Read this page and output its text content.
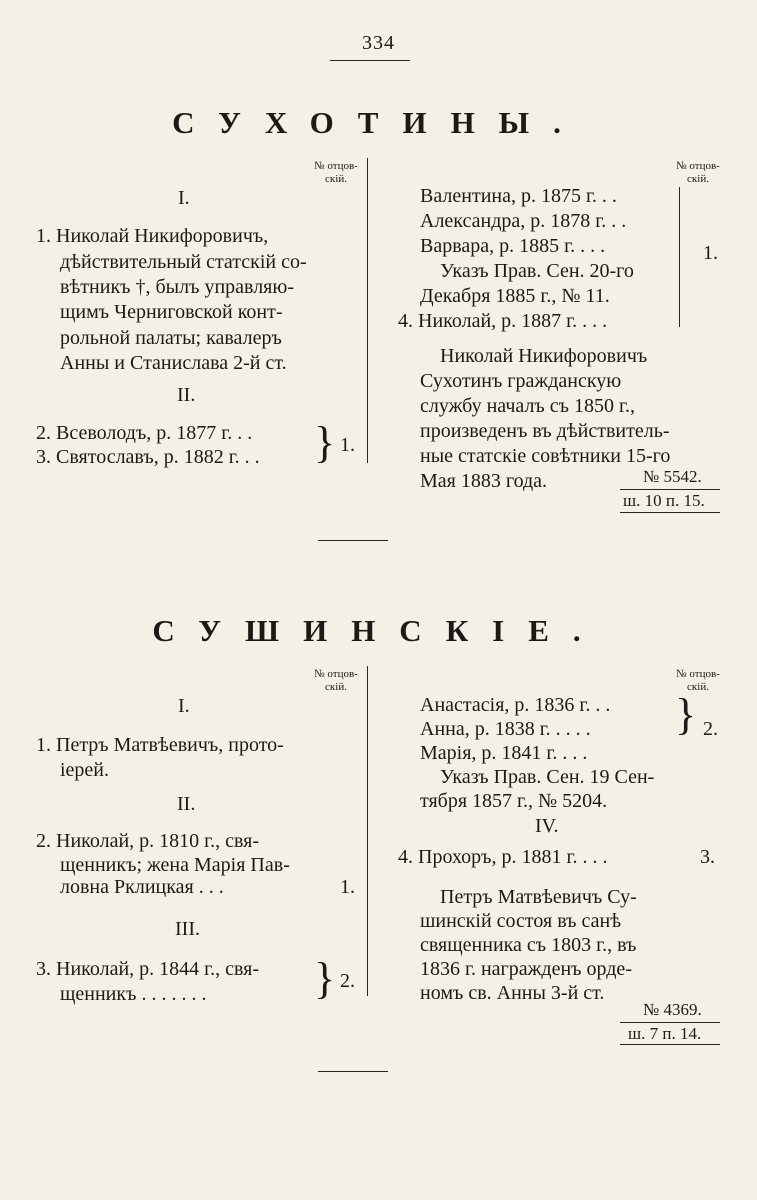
334
СУХОТИНЫ.
№ отцов-
скій.
I.
1. Николай Никифоровичъ,
дѣйствительный статскій со-
вѣтникъ †, былъ управляю-
щимъ Черниговской конт-
рольной палаты; кавалеръ
Анны и Станислава 2-й ст.
II.
2. Всеволодъ, р. 1877 г. . .
3. Святославъ, р. 1882 г. . . } 1.
№ отцов-
скій.
Валентина, р. 1875 г. . .
Александра, р. 1878 г. . .
Варвара, р. 1885 г. . . .
Указъ Прав. Сен. 20-го
Декабря 1885 г., № 11.
4. Николай, р. 1887 г. . . .
1.
Николай Никифоровичъ
Сухотинъ гражданскую
службу началъ съ 1850 г.,
произведенъ въ дѣйствитель-
ные статскіе совѣтники 15-го
Мая 1883 года.	№ 5542.
ш. 10 п. 15.
СУШИНСКІЕ.
№ отцов-
скій.
I.
1. Петръ Матвѣевичъ, прото-
іерей.
II.
2. Николай, р. 1810 г., свя-
щенникъ; жена Марія Пав-
ловна Рклицкая . . .	1.
III.
3. Николай, р. 1844 г., свя-
щенникъ . . . . . . . } 2.
№ отцов-
скій.
Анастасія, р. 1836 г. . .
Анна, р. 1838 г. . . . .
Марія, р. 1841 г. . . .
Указъ Прав. Сен. 19 Сен-
тября 1857 г., № 5204.
} 2.
IV.
4. Прохоръ, р. 1881 г. . . .	3.
Петръ Матвѣевичъ Су-
шинскій состоя въ санѣ
священника съ 1803 г., въ
1836 г. награжденъ орде-
номъ св. Анны 3-й ст.
№ 4369.
ш. 7 п. 14.
